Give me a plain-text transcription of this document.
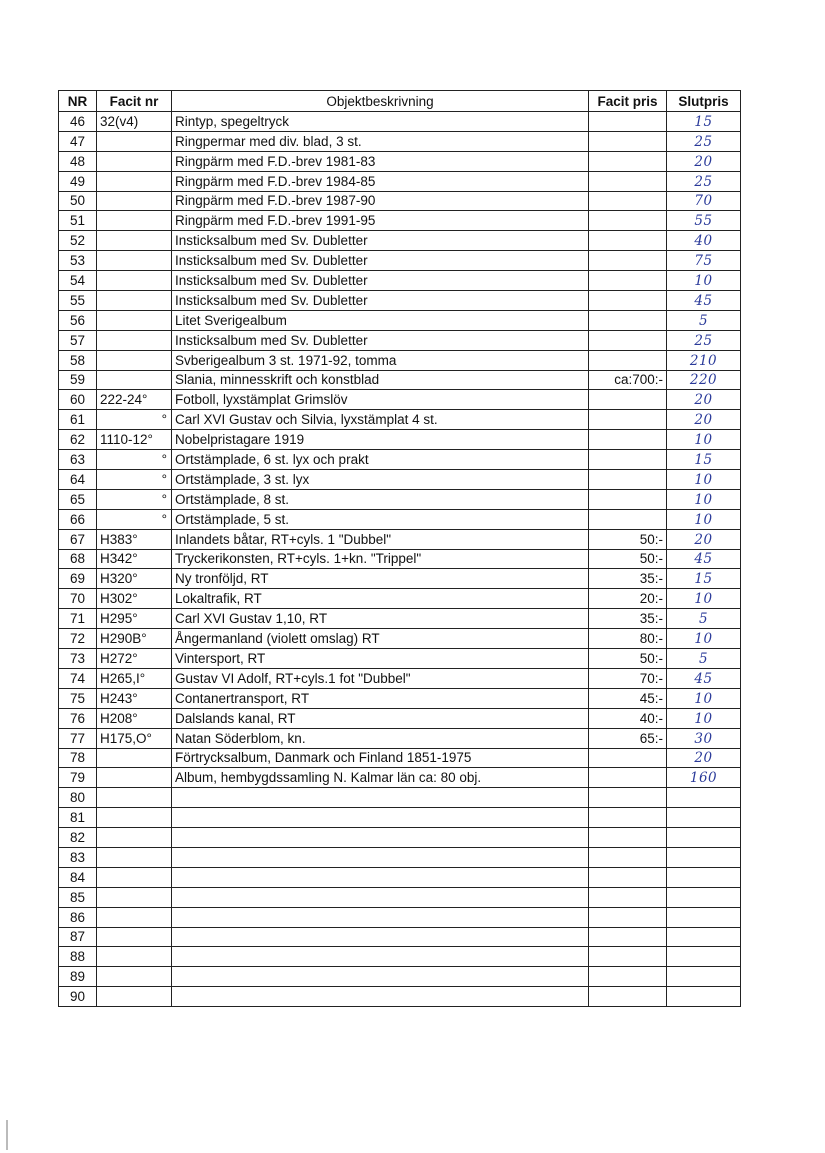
NR	Facit nr	Objektbeskrivning	Facit pris	Slutpris
46	32(v4)	Rintyp, spegeltryck		15
47		Ringpermar med div. blad, 3 st.		25
48		Ringpärm med F.D.-brev 1981-83		20
49		Ringpärm med F.D.-brev 1984-85		25
50		Ringpärm med F.D.-brev 1987-90		70
51		Ringpärm med F.D.-brev 1991-95		55
52		Insticksalbum med Sv. Dubletter		40
53		Insticksalbum med Sv. Dubletter		75
54		Insticksalbum med Sv. Dubletter		10
55		Insticksalbum med Sv. Dubletter		45
56		Litet Sverigealbum		5
57		Insticksalbum med Sv. Dubletter		25
58		Svberigealbum 3 st. 1971-92, tomma		210
59		Slania, minnesskrift och konstblad	ca:700:-	220
60	222-24°	Fotboll, lyxstämplat Grimslöv		20
61	°	Carl XVI Gustav och Silvia, lyxstämplat 4 st.		20
62	1110-12°	Nobelpristagare 1919		10
63	°	Ortstämplade, 6 st. lyx och prakt		15
64	°	Ortstämplade, 3 st. lyx		10
65	°	Ortstämplade, 8 st.		10
66	°	Ortstämplade, 5 st.		10
67	H383°	Inlandets båtar, RT+cyls. 1 "Dubbel"	50:-	20
68	H342°	Tryckerikonsten, RT+cyls. 1+kn. "Trippel"	50:-	45
69	H320°	Ny tronföljd, RT	35:-	15
70	H302°	Lokaltrafik, RT	20:-	10
71	H295°	Carl XVI Gustav 1,10, RT	35:-	5
72	H290B°	Ångermanland (violett omslag) RT	80:-	10
73	H272°	Vintersport, RT	50:-	5
74	H265,I°	Gustav VI Adolf, RT+cyls.1 fot "Dubbel"	70:-	45
75	H243°	Contanertransport, RT	45:-	10
76	H208°	Dalslands kanal, RT	40:-	10
77	H175,O°	Natan Söderblom, kn.	65:-	30
78		Förtrycksalbum, Danmark och Finland 1851-1975		20
79		Album, hembygdssamling N. Kalmar län ca: 80 obj.		160
80				
81				
82				
83				
84				
85				
86				
87				
88				
89				
90				
